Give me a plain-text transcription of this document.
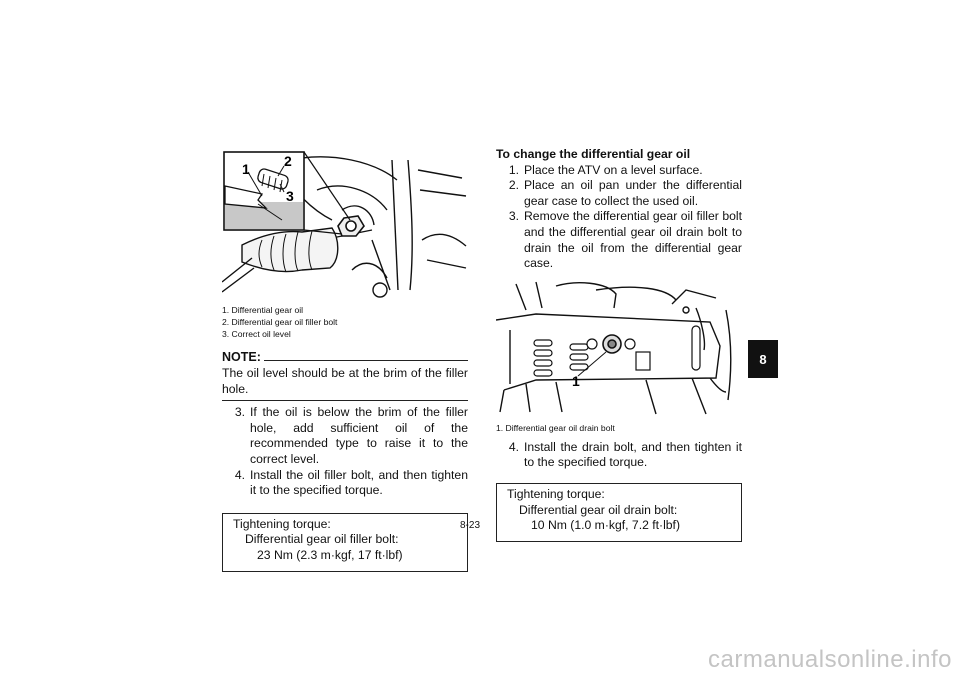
1 2
3
1. Differential gear oil
2. Differential gear oil filler bolt
3. Correct oil level
NOTE:

The oil level should be at the brim of the filler hole.

3. If the oil is below the brim of the filler hole, add sufficient oil of the recommended type to raise it to the correct level.
4. Install the oil filler bolt, and then tighten it to the specified torque.
Tightening torque:
Differential gear oil filler bolt:
23 Nm (2.3 m·kgf, 17 ft·lbf)

To change the differential gear oil

1. Place the ATV on a level surface.
2. Place an oil pan under the differential gear case to collect the used oil.
3. Remove the differential gear oil filler bolt and the differential gear oil drain bolt to drain the oil from the differential gear case.
1
1. Differential gear oil drain bolt
4. Install the drain bolt, and then tighten it to the specified torque.
Tightening torque:
Differential gear oil drain bolt:
10 Nm (1.0 m·kgf, 7.2 ft·lbf)
8-23
8
carmanualsonline.info
